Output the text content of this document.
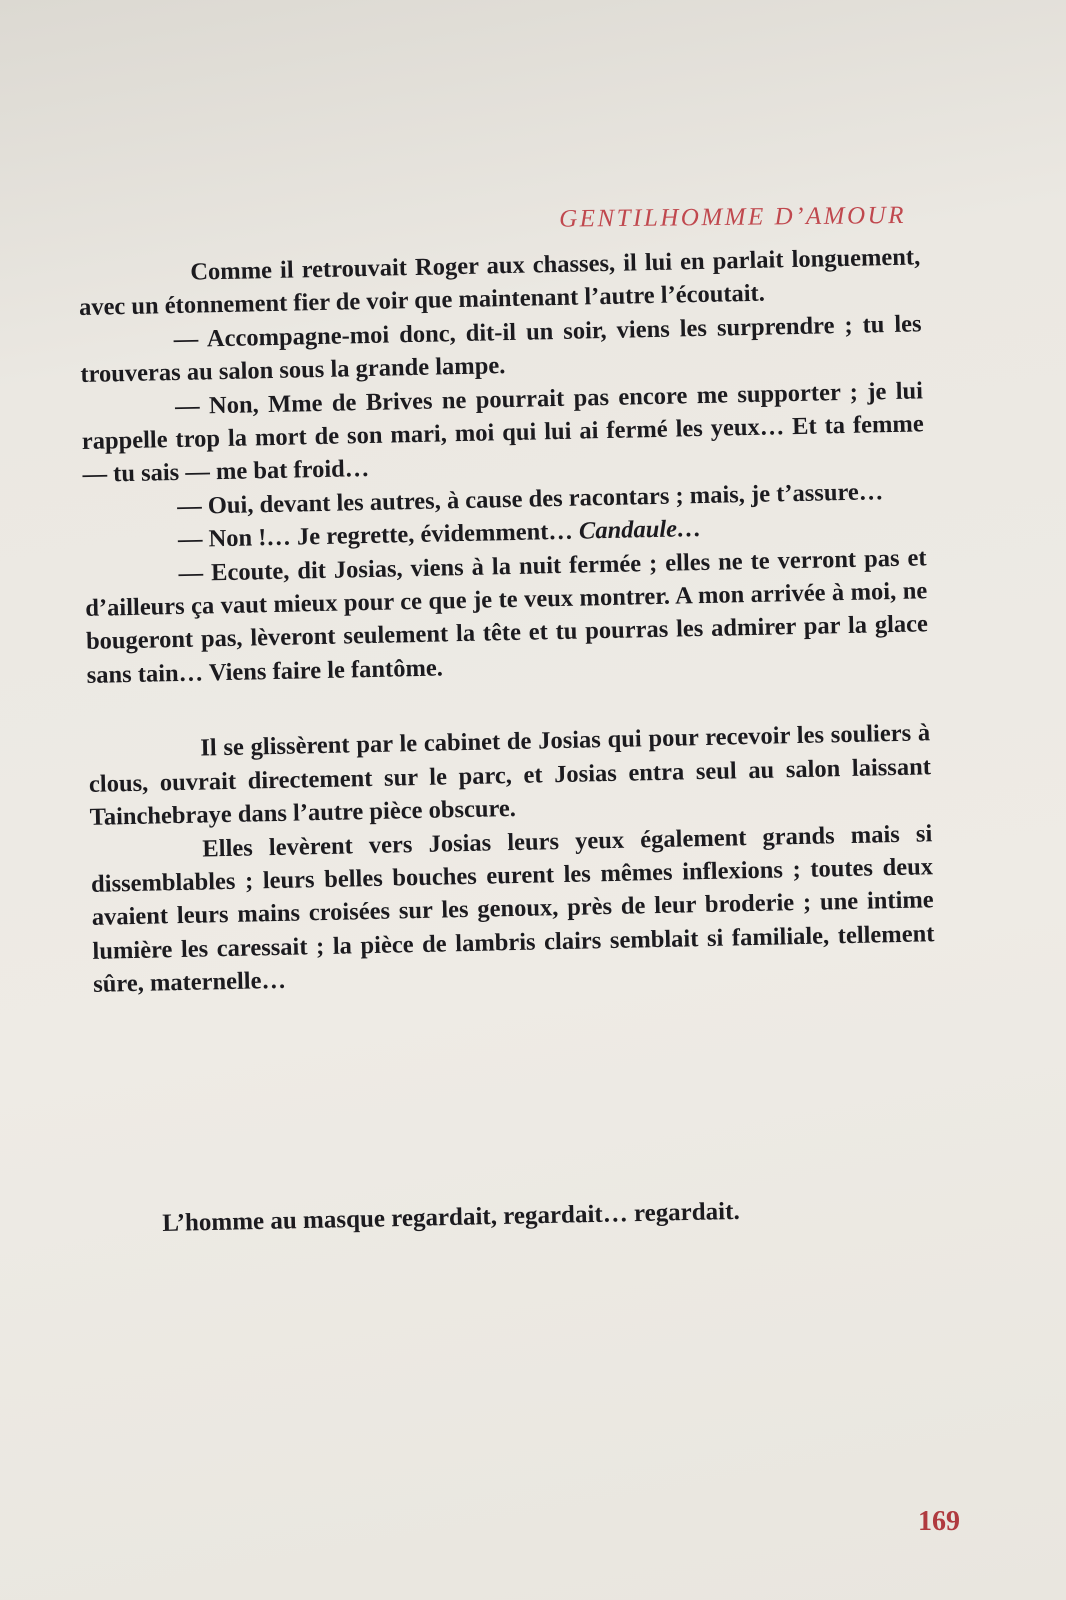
GENTILHOMME D’AMOUR

Comme il retrouvait Roger aux chasses, il lui en parlait longuement, avec un étonnement fier de voir que maintenant l’autre l’écoutait.

— Accompagne-moi donc, dit-il un soir, viens les surprendre ; tu les trouveras au salon sous la grande lampe.

— Non, Mme de Brives ne pourrait pas encore me supporter ; je lui rappelle trop la mort de son mari, moi qui lui ai fermé les yeux… Et ta femme — tu sais — me bat froid…

— Oui, devant les autres, à cause des racontars ; mais, je t’assure…

— Non !… Je regrette, évidemment… Candaule…

— Ecoute, dit Josias, viens à la nuit fermée ; elles ne te verront pas et d’ailleurs ça vaut mieux pour ce que je te veux montrer. A mon arrivée à moi, ne bougeront pas, lèveront seulement la tête et tu pourras les admirer par la glace sans tain… Viens faire le fantôme.

Il se glissèrent par le cabinet de Josias qui pour recevoir les souliers à clous, ouvrait directement sur le parc, et Josias entra seul au salon laissant Tainchebraye dans l’autre pièce obscure.

Elles levèrent vers Josias leurs yeux également grands mais si dissemblables ; leurs belles bouches eurent les mêmes inflexions ; toutes deux avaient leurs mains croisées sur les genoux, près de leur broderie ; une intime lumière les caressait ; la pièce de lambris clairs semblait si familiale, tellement sûre, maternelle…

L’homme au masque regardait, regardait… regardait.
169
